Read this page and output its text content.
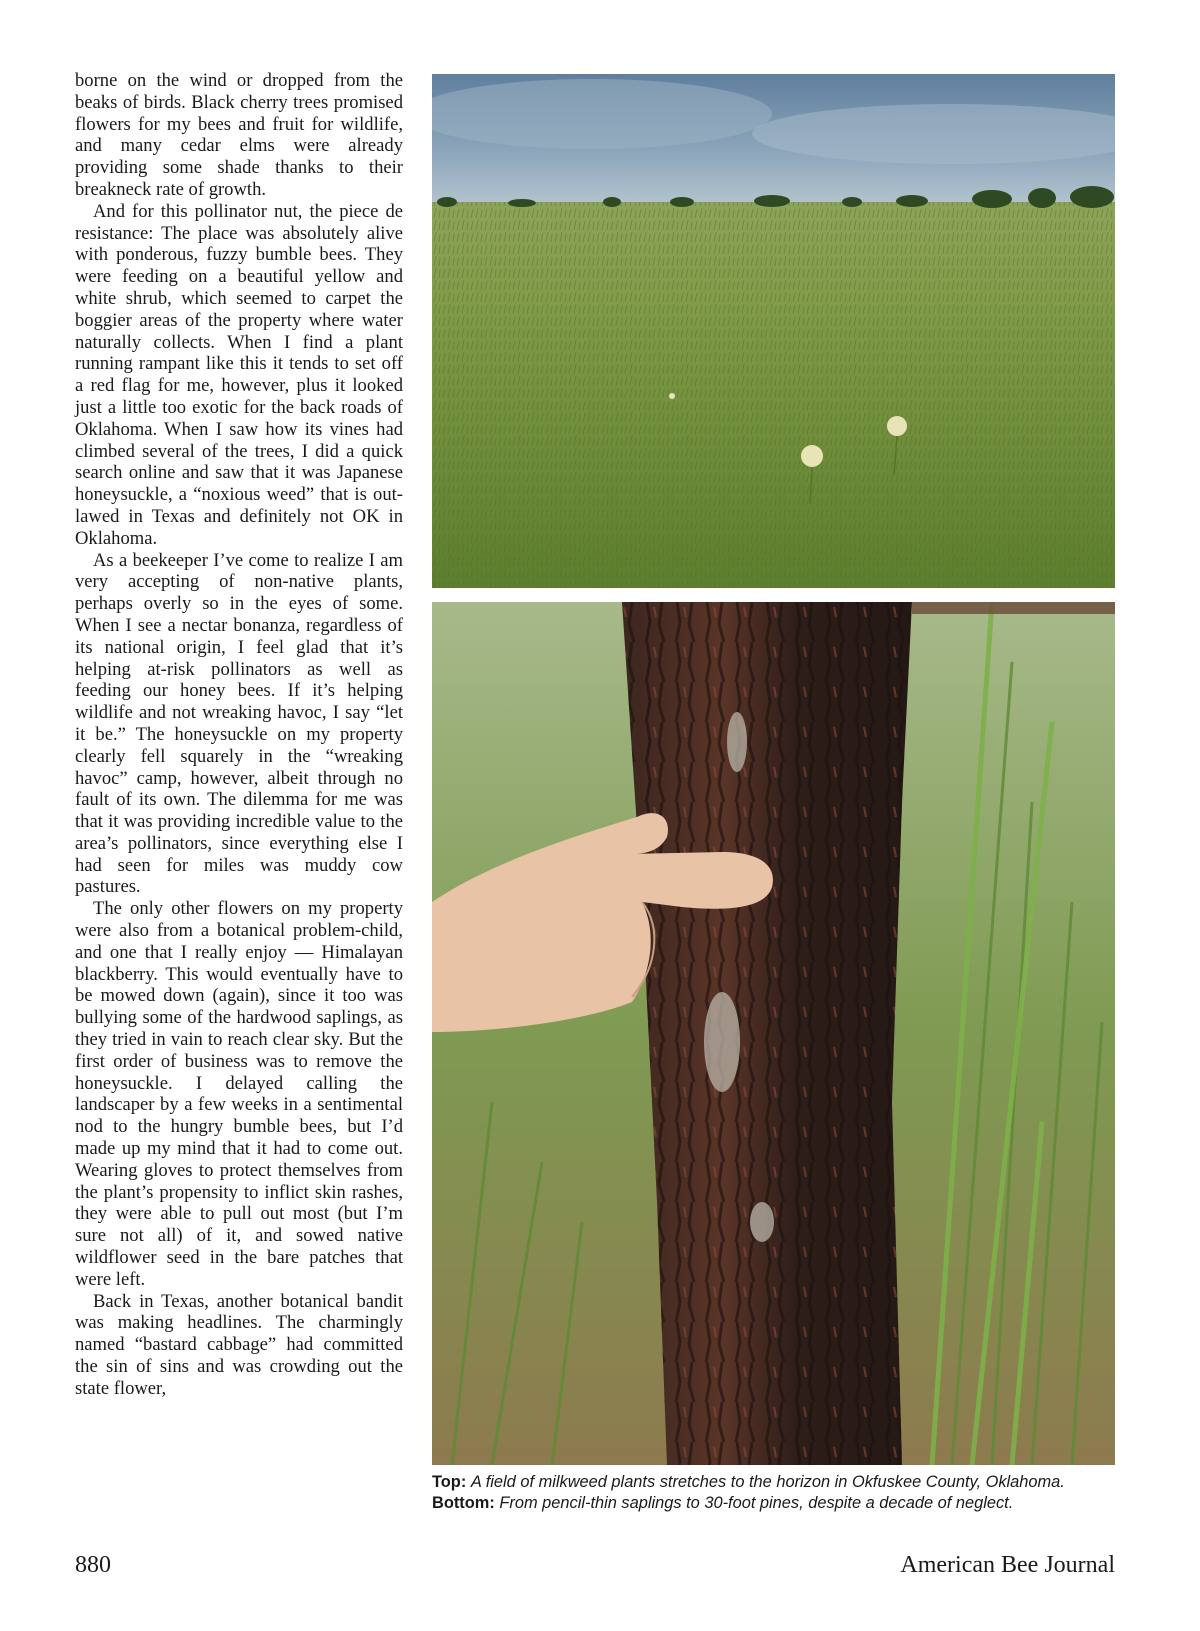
borne on the wind or dropped from the beaks of birds. Black cherry trees promised flowers for my bees and fruit for wildlife, and many cedar elms were already providing some shade thanks to their breakneck rate of growth.

And for this pollinator nut, the piece de resistance: The place was absolutely alive with ponderous, fuzzy bumble bees. They were feeding on a beautiful yellow and white shrub, which seemed to carpet the boggier areas of the property where water naturally collects. When I find a plant running rampant like this it tends to set off a red flag for me, however, plus it looked just a little too exotic for the back roads of Oklahoma. When I saw how its vines had climbed several of the trees, I did a quick search online and saw that it was Japanese honeysuckle, a “noxious weed” that is outlawed in Texas and definitely not OK in Oklahoma.

As a beekeeper I’ve come to realize I am very accepting of non-native plants, perhaps overly so in the eyes of some. When I see a nectar bonanza, regardless of its national origin, I feel glad that it’s helping at-risk pollinators as well as feeding our honey bees. If it’s helping wildlife and not wreaking havoc, I say “let it be.” The honeysuckle on my property clearly fell squarely in the “wreaking havoc” camp, however, albeit through no fault of its own. The dilemma for me was that it was providing incredible value to the area’s pollinators, since everything else I had seen for miles was muddy cow pastures.

The only other flowers on my property were also from a botanical problem-child, and one that I really enjoy — Himalayan blackberry. This would eventually have to be mowed down (again), since it too was bullying some of the hardwood saplings, as they tried in vain to reach clear sky. But the first order of business was to remove the honeysuckle. I delayed calling the landscaper by a few weeks in a sentimental nod to the hungry bumble bees, but I’d made up my mind that it had to come out. Wearing gloves to protect themselves from the plant’s propensity to inflict skin rashes, they were able to pull out most (but I’m sure not all) of it, and sowed native wildflower seed in the bare patches that were left.

Back in Texas, another botanical bandit was making headlines. The charmingly named “bastard cabbage” had committed the sin of sins and was crowding out the state flower,

Top: A field of milkweed plants stretches to the horizon in Okfuskee County, Oklahoma. Bottom: From pencil-thin saplings to 30-foot pines, despite a decade of neglect.
880	American Bee Journal
